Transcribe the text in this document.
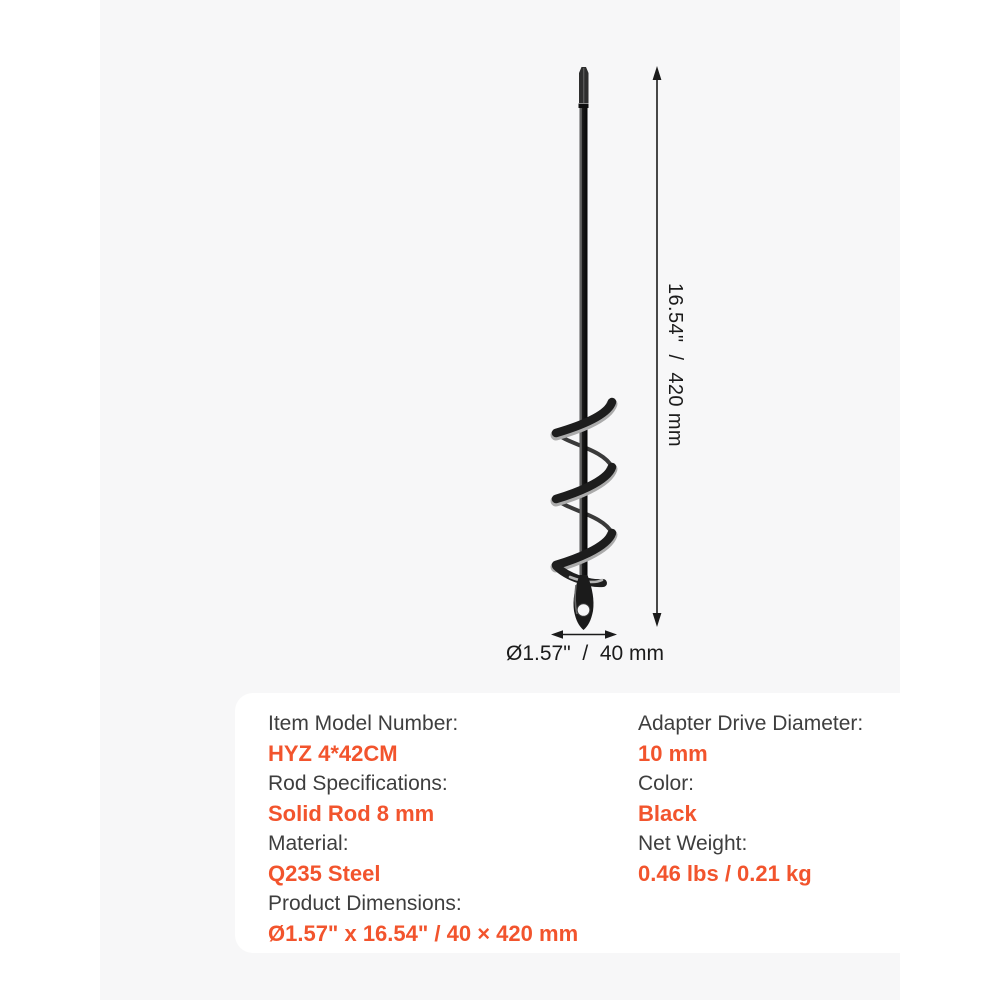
16.54"  /  420 mm
Ø1.57"  /  40 mm
Item Model Number:
HYZ 4*42CM
Rod Specifications:
Solid Rod 8 mm
Material:
Q235 Steel
Product Dimensions:
Ø1.57" x 16.54" / 40 × 420 mm
Adapter Drive Diameter:
10 mm
Color:
Black
Net Weight:
0.46 lbs / 0.21 kg
